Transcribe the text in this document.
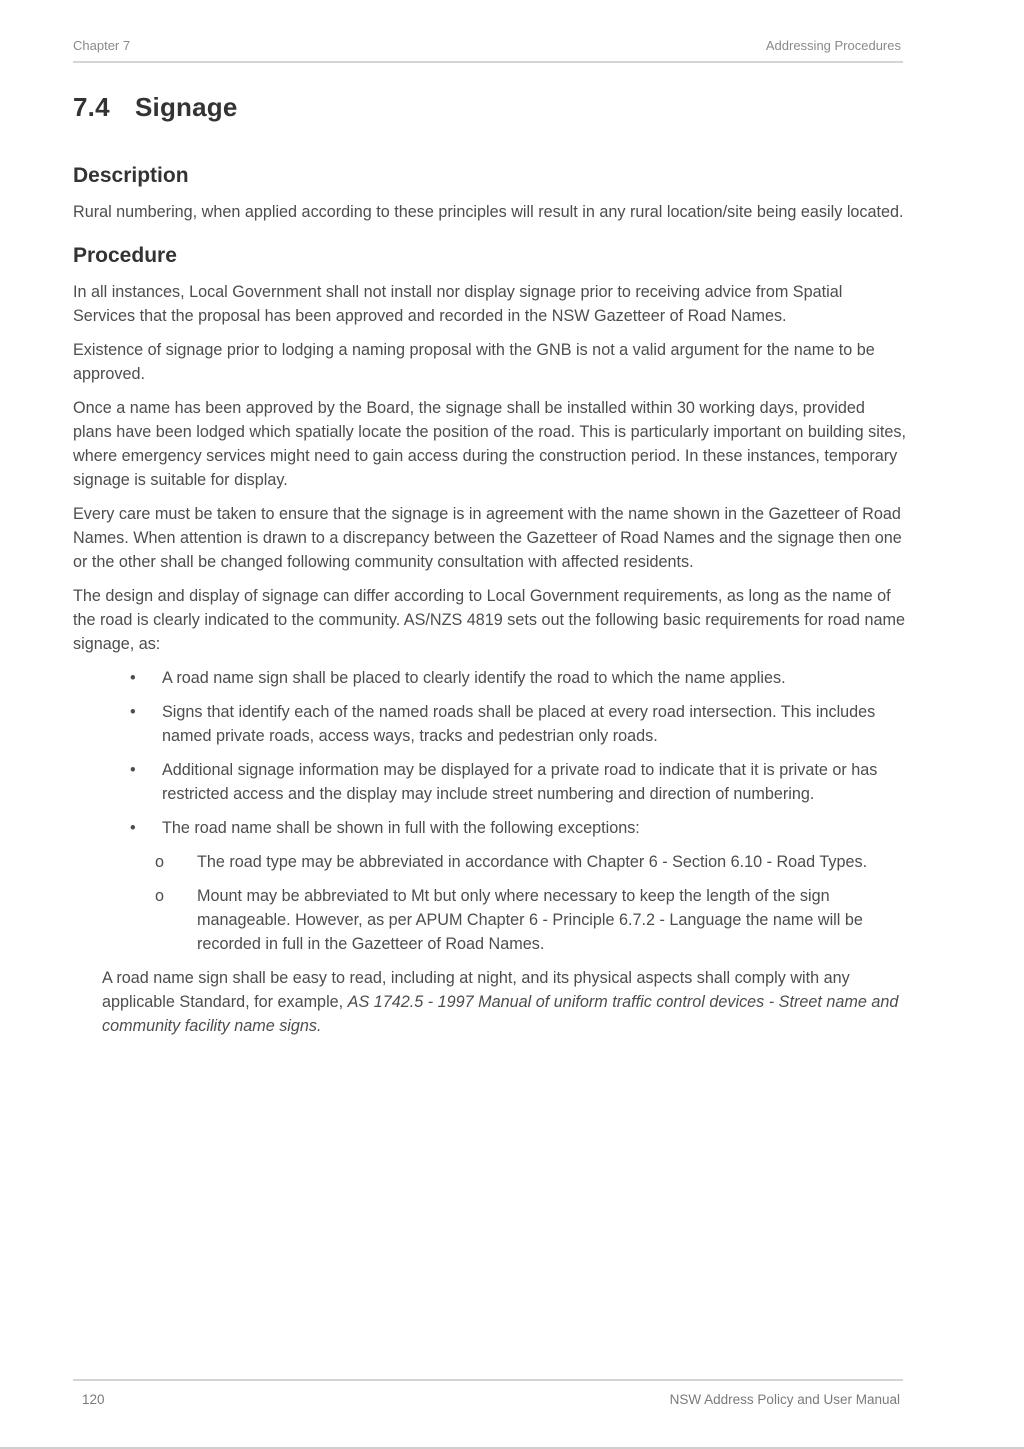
Chapter 7	Addressing Procedures
7.4 Signage
Description

Rural numbering, when applied according to these principles will result in any rural location/site being easily located.

Procedure

In all instances, Local Government shall not install nor display signage prior to receiving advice from Spatial Services that the proposal has been approved and recorded in the NSW Gazetteer of Road Names.

Existence of signage prior to lodging a naming proposal with the GNB is not a valid argument for the name to be approved.

Once a name has been approved by the Board, the signage shall be installed within 30 working days, provided plans have been lodged which spatially locate the position of the road. This is particularly important on building sites, where emergency services might need to gain access during the construction period. In these instances, temporary signage is suitable for display.

Every care must be taken to ensure that the signage is in agreement with the name shown in the Gazetteer of Road Names. When attention is drawn to a discrepancy between the Gazetteer of Road Names and the signage then one or the other shall be changed following community consultation with affected residents.

The design and display of signage can differ according to Local Government requirements, as long as the name of the road is clearly indicated to the community. AS/NZS 4819 sets out the following basic requirements for road name signage, as:

• A road name sign shall be placed to clearly identify the road to which the name applies.
• Signs that identify each of the named roads shall be placed at every road intersection. This includes named private roads, access ways, tracks and pedestrian only roads.
• Additional signage information may be displayed for a private road to indicate that it is private or has restricted access and the display may include street numbering and direction of numbering.
• The road name shall be shown in full with the following exceptions:
o The road type may be abbreviated in accordance with Chapter 6 - Section 6.10 - Road Types.
o Mount may be abbreviated to Mt but only where necessary to keep the length of the sign manageable. However, as per APUM Chapter 6 - Principle 6.7.2 - Language the name will be recorded in full in the Gazetteer of Road Names.

A road name sign shall be easy to read, including at night, and its physical aspects shall comply with any applicable Standard, for example, AS 1742.5 - 1997 Manual of uniform traffic control devices - Street name and community facility name signs.

120	NSW Address Policy and User Manual
